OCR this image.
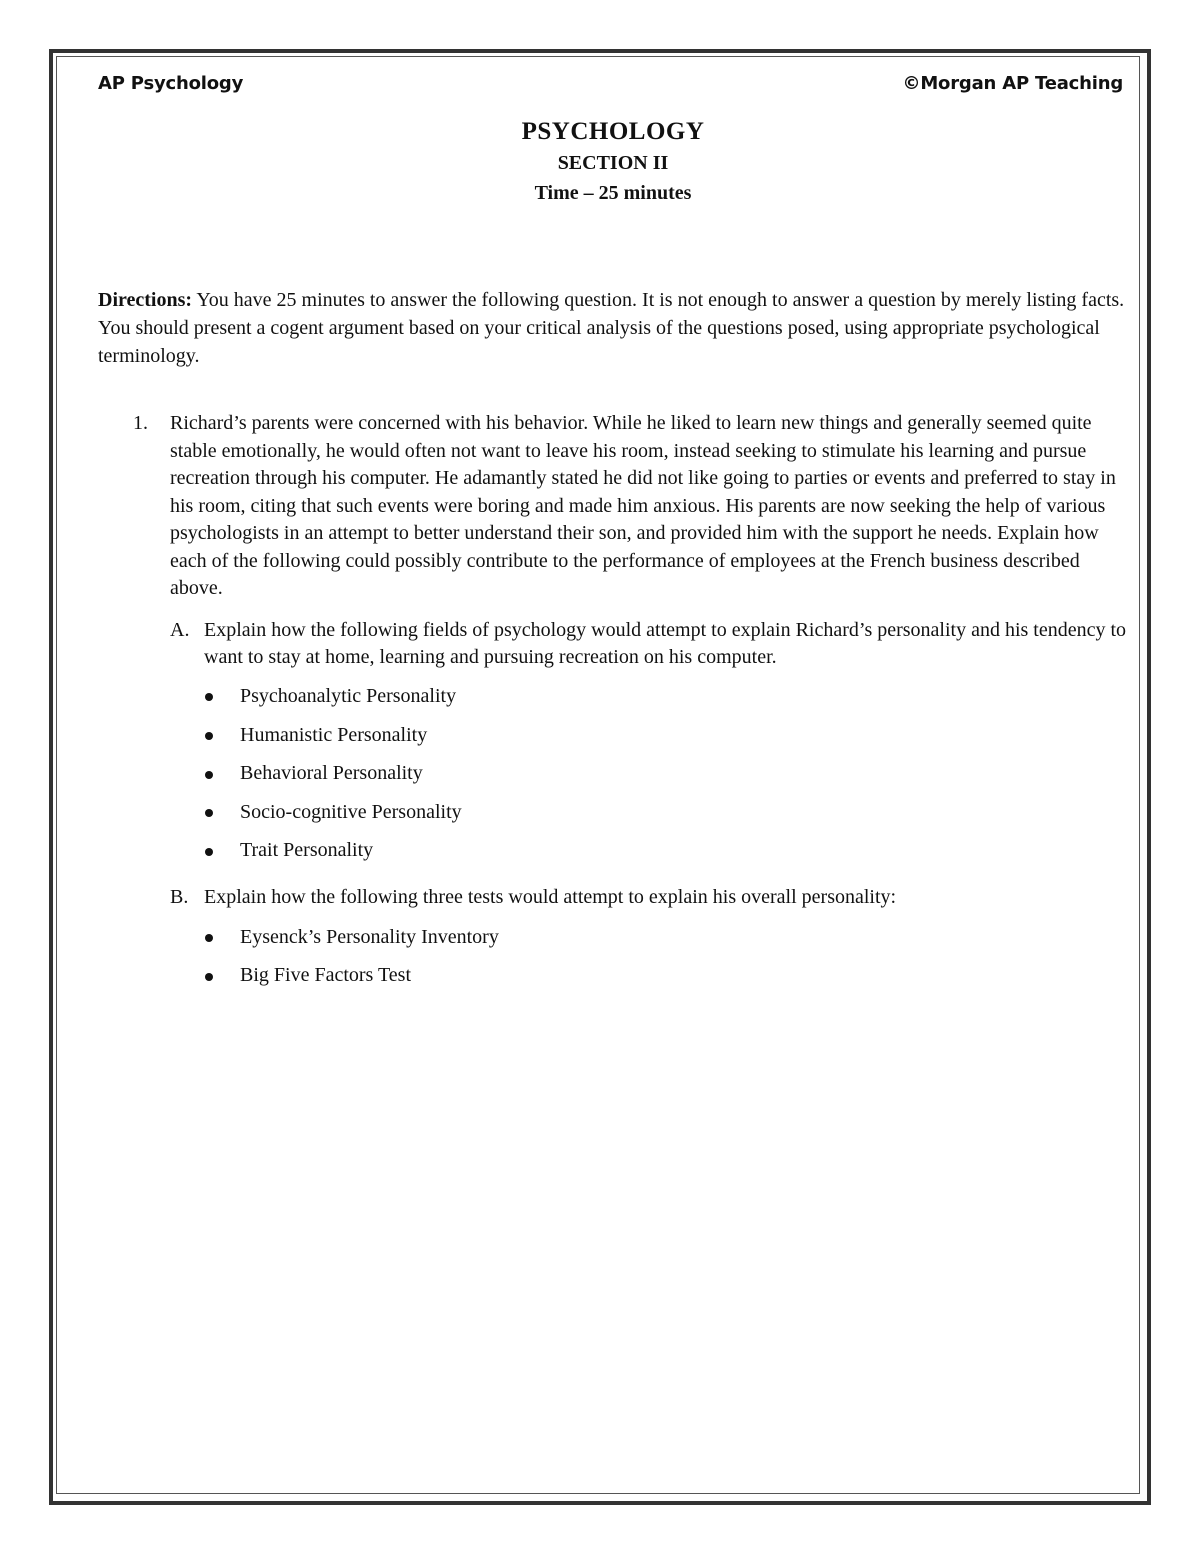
AP Psychology	©Morgan AP Teaching
PSYCHOLOGY
SECTION II
Time – 25 minutes
Directions: You have 25 minutes to answer the following question. It is not enough to answer a question by merely listing facts. You should present a cogent argument based on your critical analysis of the questions posed, using appropriate psychological terminology.
1.	Richard’s parents were concerned with his behavior. While he liked to learn new things and generally seemed quite stable emotionally, he would often not want to leave his room, instead seeking to stimulate his learning and pursue recreation through his computer. He adamantly stated he did not like going to parties or events and preferred to stay in his room, citing that such events were boring and made him anxious. His parents are now seeking the help of various psychologists in an attempt to better understand their son, and provided him with the support he needs. Explain how each of the following could possibly contribute to the performance of employees at the French business described above.
A. Explain how the following fields of psychology would attempt to explain Richard’s personality and his tendency to want to stay at home, learning and pursuing recreation on his computer.
Psychoanalytic Personality
Humanistic Personality
Behavioral Personality
Socio-cognitive Personality
Trait Personality
B. Explain how the following three tests would attempt to explain his overall personality:
Eysenck’s Personality Inventory
Big Five Factors Test
